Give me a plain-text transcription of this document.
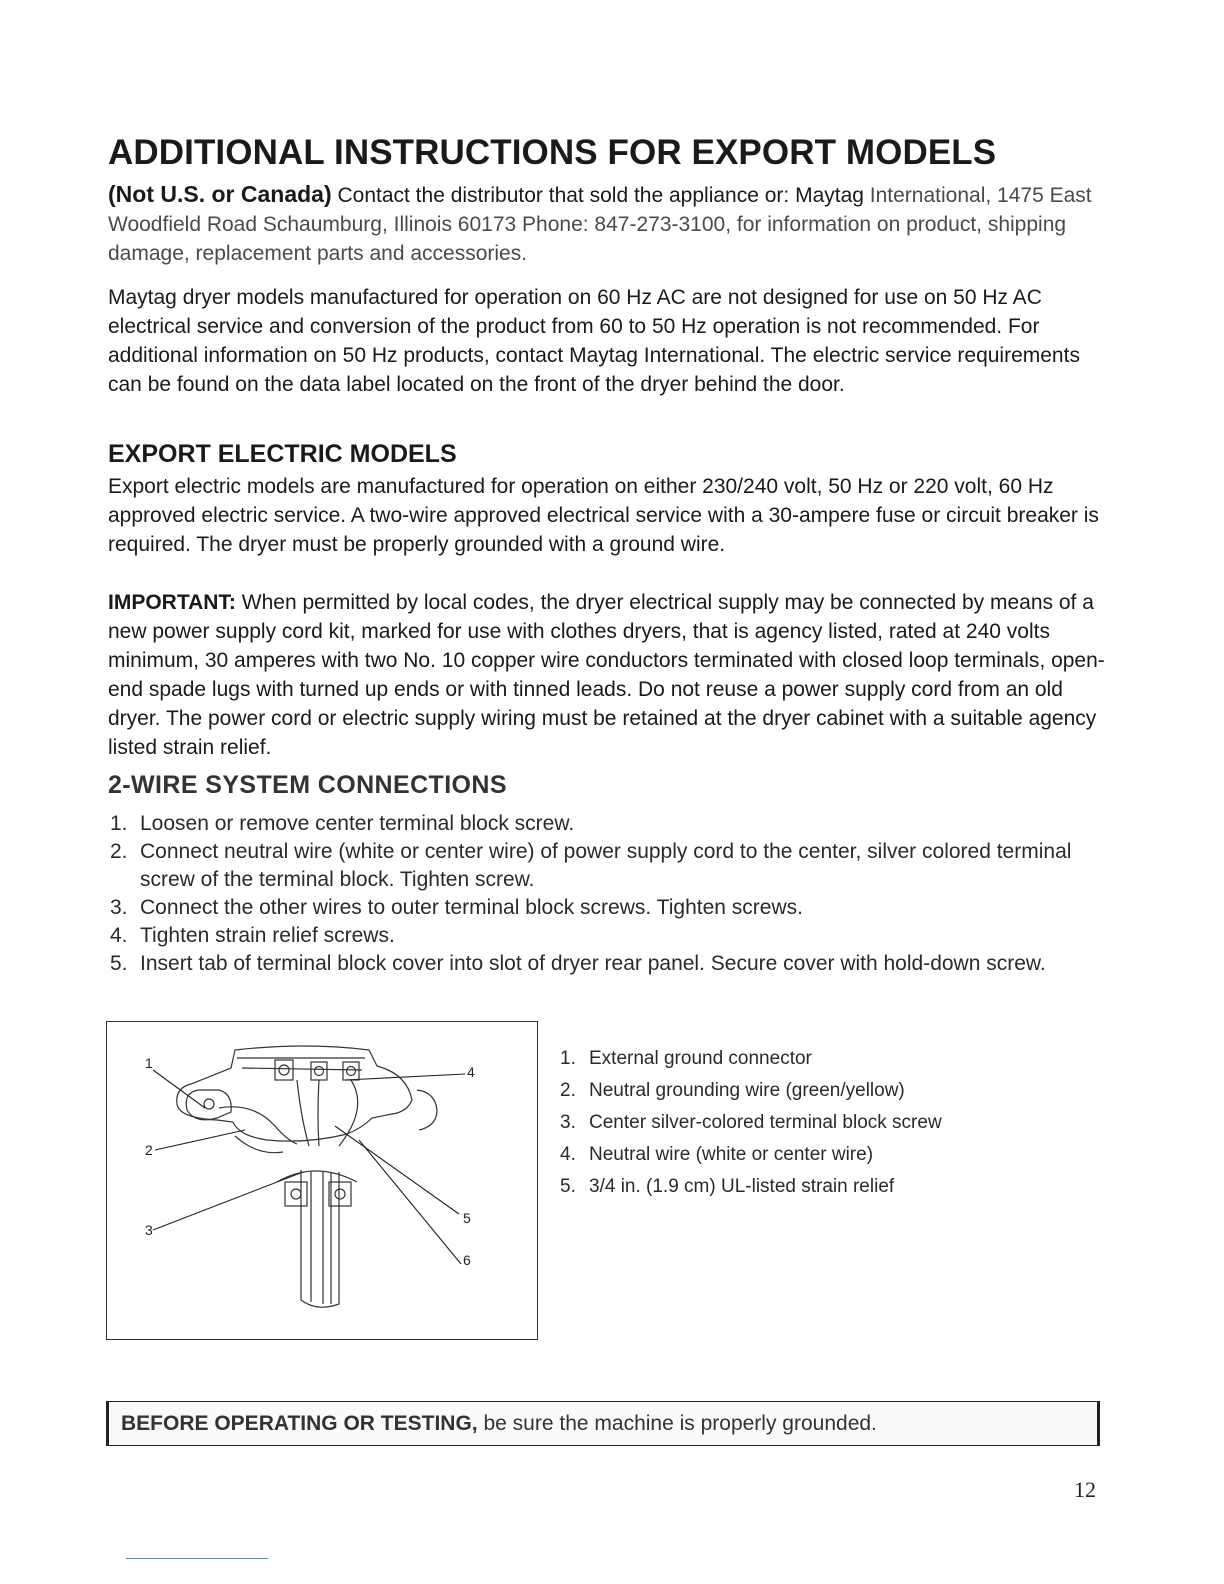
ADDITIONAL INSTRUCTIONS FOR EXPORT MODELS

(Not U.S. or Canada) Contact the distributor that sold the appliance or: Maytag International, 1475 East Woodfield Road Schaumburg, Illinois 60173 Phone: 847-273-3100, for information on product, shipping damage, replacement parts and accessories.

Maytag dryer models manufactured for operation on 60 Hz AC are not designed for use on 50 Hz AC electrical service and conversion of the product from 60 to 50 Hz operation is not recommended. For additional information on 50 Hz products, contact Maytag International. The electric service requirements can be found on the data label located on the front of the dryer behind the door.

EXPORT ELECTRIC MODELS

Export electric models are manufactured for operation on either 230/240 volt, 50 Hz or 220 volt, 60 Hz approved electric service. A two-wire approved electrical service with a 30-ampere fuse or circuit breaker is required. The dryer must be properly grounded with a ground wire.

IMPORTANT: When permitted by local codes, the dryer electrical supply may be connected by means of a new power supply cord kit, marked for use with clothes dryers, that is agency listed, rated at 240 volts minimum, 30 amperes with two No. 10 copper wire conductors terminated with closed loop terminals, open-end spade lugs with turned up ends or with tinned leads. Do not reuse a power supply cord from an old dryer. The power cord or electric supply wiring must be retained at the dryer cabinet with a suitable agency listed strain relief.

2-WIRE SYSTEM CONNECTIONS
1. Loosen or remove center terminal block screw.
2. Connect neutral wire (white or center wire) of power supply cord to the center, silver colored terminal screw of the terminal block. Tighten screw.
3. Connect the other wires to outer terminal block screws. Tighten screws.
4. Tighten strain relief screws.
5. Insert tab of terminal block cover into slot of dryer rear panel. Secure cover with hold-down screw.
1
2
3
4
5
6
1. External ground connector
2. Neutral grounding wire (green/yellow)
3. Center silver-colored terminal block screw
4. Neutral wire (white or center wire)
5. 3/4 in. (1.9 cm) UL-listed strain relief
BEFORE OPERATING OR TESTING, be sure the machine is properly grounded.
12
